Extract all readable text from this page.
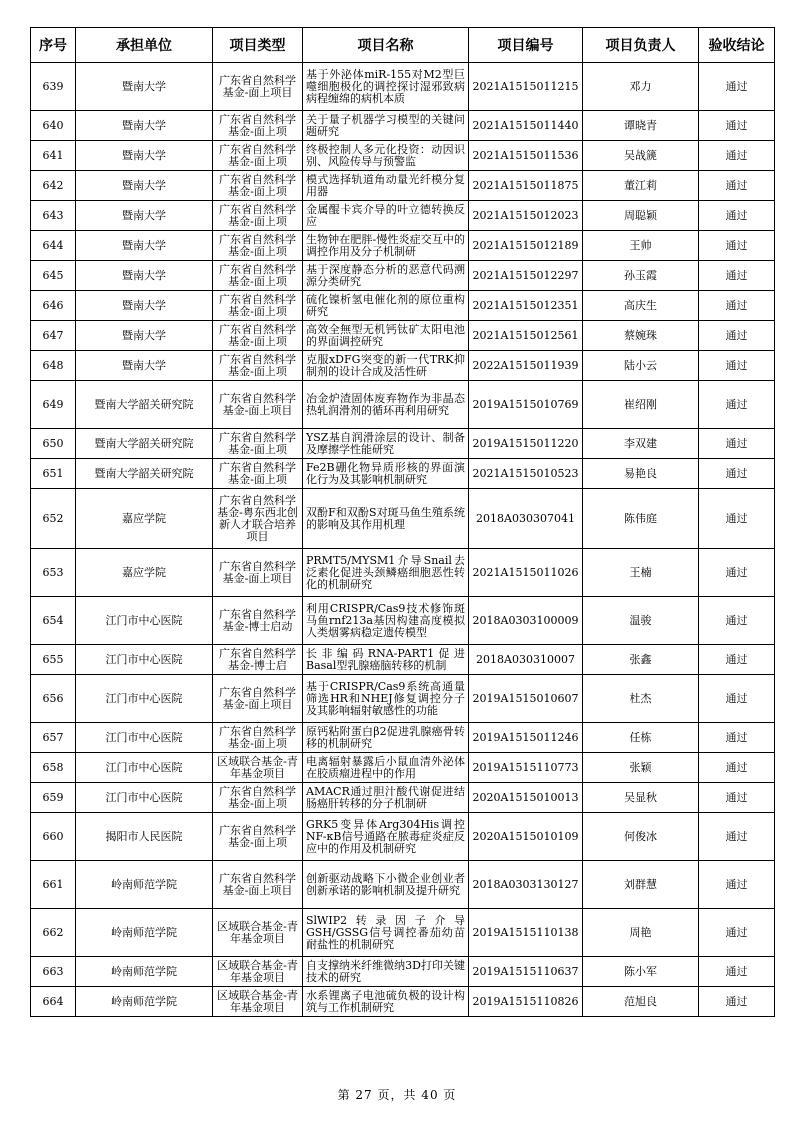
序号	承担单位	项目类型	项目名称	项目编号	项目负责人	验收结论
639	暨南大学	广东省自然科学基金-面上项目	基于外泌体miR-155对M2型巨噬细胞极化的调控探讨湿邪致病病程缠绵的病机本质	2021A1515011215	邓力	通过
640	暨南大学	广东省自然科学基金-面上项	关于量子机器学习模型的关键问题研究	2021A1515011440	谭晓青	通过
641	暨南大学	广东省自然科学基金-面上项	终极控制人多元化投资：动因识别、风险传导与预警监	2021A1515011536	吴战篪	通过
642	暨南大学	广东省自然科学基金-面上项	模式选择轨道角动量光纤模分复用器	2021A1515011875	董江莉	通过
643	暨南大学	广东省自然科学基金-面上项	金属醌卡宾介导的叶立德转换反应	2021A1515012023	周聪颖	通过
644	暨南大学	广东省自然科学基金-面上项	生物钟在肥胖-慢性炎症交互中的调控作用及分子机制研	2021A1515012189	王帅	通过
645	暨南大学	广东省自然科学基金-面上项	基于深度静态分析的恶意代码溯源分类研究	2021A1515012297	孙玉霞	通过
646	暨南大学	广东省自然科学基金-面上项	硫化镍析氢电催化剂的原位重构研究	2021A1515012351	高庆生	通过
647	暨南大学	广东省自然科学基金-面上项	高效全無型无机钙钛矿太阳电池的界面调控研究	2021A1515012561	蔡婉珠	通过
648	暨南大学	广东省自然科学基金-面上项	克服xDFG突变的新一代TRK抑制剂的设计合成及活性研	2022A1515011939	陆小云	通过
649	暨南大学韶关研究院	广东省自然科学基金-面上项目	冶金炉渣固体废弃物作为非晶态热轧润滑剂的循环再利用研究	2019A1515010769	崔绍刚	通过
650	暨南大学韶关研究院	广东省自然科学基金-面上项	YSZ基自润滑涂层的设计、制备及摩擦学性能研究	2019A1515011220	李双建	通过
651	暨南大学韶关研究院	广东省自然科学基金-面上项	Fe2B硼化物异质形核的界面演化行为及其影响机制研究	2021A1515010523	易艳良	通过
652	嘉应学院	广东省自然科学基金-粤东西北创新人才联合培养项目	双酚F和双酚S对斑马鱼生殖系统的影响及其作用机理	2018A030307041	陈伟庭	通过
653	嘉应学院	广东省自然科学基金-面上项目	PRMT5/MYSM1介导Snail去泛素化促进头颈鳞癌细胞恶性转化的机制研究	2021A1515011026	王楠	通过
654	江门市中心医院	广东省自然科学基金-博士启动	利用CRISPR/Cas9技术修饰斑马鱼rnf213a基因构建高度模拟人类烟雾病稳定遗传模型	2018A0303100009	温骏	通过
655	江门市中心医院	广东省自然科学基金-博士启	长非编码RNA-PART1促进Basal型乳腺癌脑转移的机制	2018A030310007	张鑫	通过
656	江门市中心医院	广东省自然科学基金-面上项目	基于CRISPR/Cas9系统高通量筛选HR和NHEJ修复调控分子及其影响辐射敏感性的功能	2019A1515010607	杜杰	通过
657	江门市中心医院	广东省自然科学基金-面上项	原钙粘附蛋白β2促进乳腺癌骨转移的机制研究	2019A1515011246	任栋	通过
658	江门市中心医院	区域联合基金-青年基金项目	电离辐射暴露后小鼠血清外泌体在胶质瘤进程中的作用	2019A1515110773	张颖	通过
659	江门市中心医院	广东省自然科学基金-面上项	AMACR通过胆汁酸代谢促进结肠癌肝转移的分子机制研	2020A1515010013	吴显秋	通过
660	揭阳市人民医院	广东省自然科学基金-面上项	GRK5变异体Arg304His调控NF-κB信号通路在脓毒症炎症反应中的作用及机制研究	2020A1515010109	何俊冰	通过
661	岭南师范学院	广东省自然科学基金-面上项目	创新驱动战略下小微企业创业者创新承诺的影响机制及提升研究	2018A0303130127	刘群慧	通过
662	岭南师范学院	区域联合基金-青年基金项目	SlWIP2转录因子介导GSH/GSSG信号调控番茄幼苗耐盐性的机制研究	2019A1515110138	周艳	通过
663	岭南师范学院	区域联合基金-青年基金项目	自支撑纳米纤维微纳3D打印关键技术的研究	2019A1515110637	陈小军	通过
664	岭南师范学院	区域联合基金-青年基金项目	水系锂离子电池硫负极的设计构筑与工作机制研究	2019A1515110826	范旭良	通过
第 27 页，共 40 页
